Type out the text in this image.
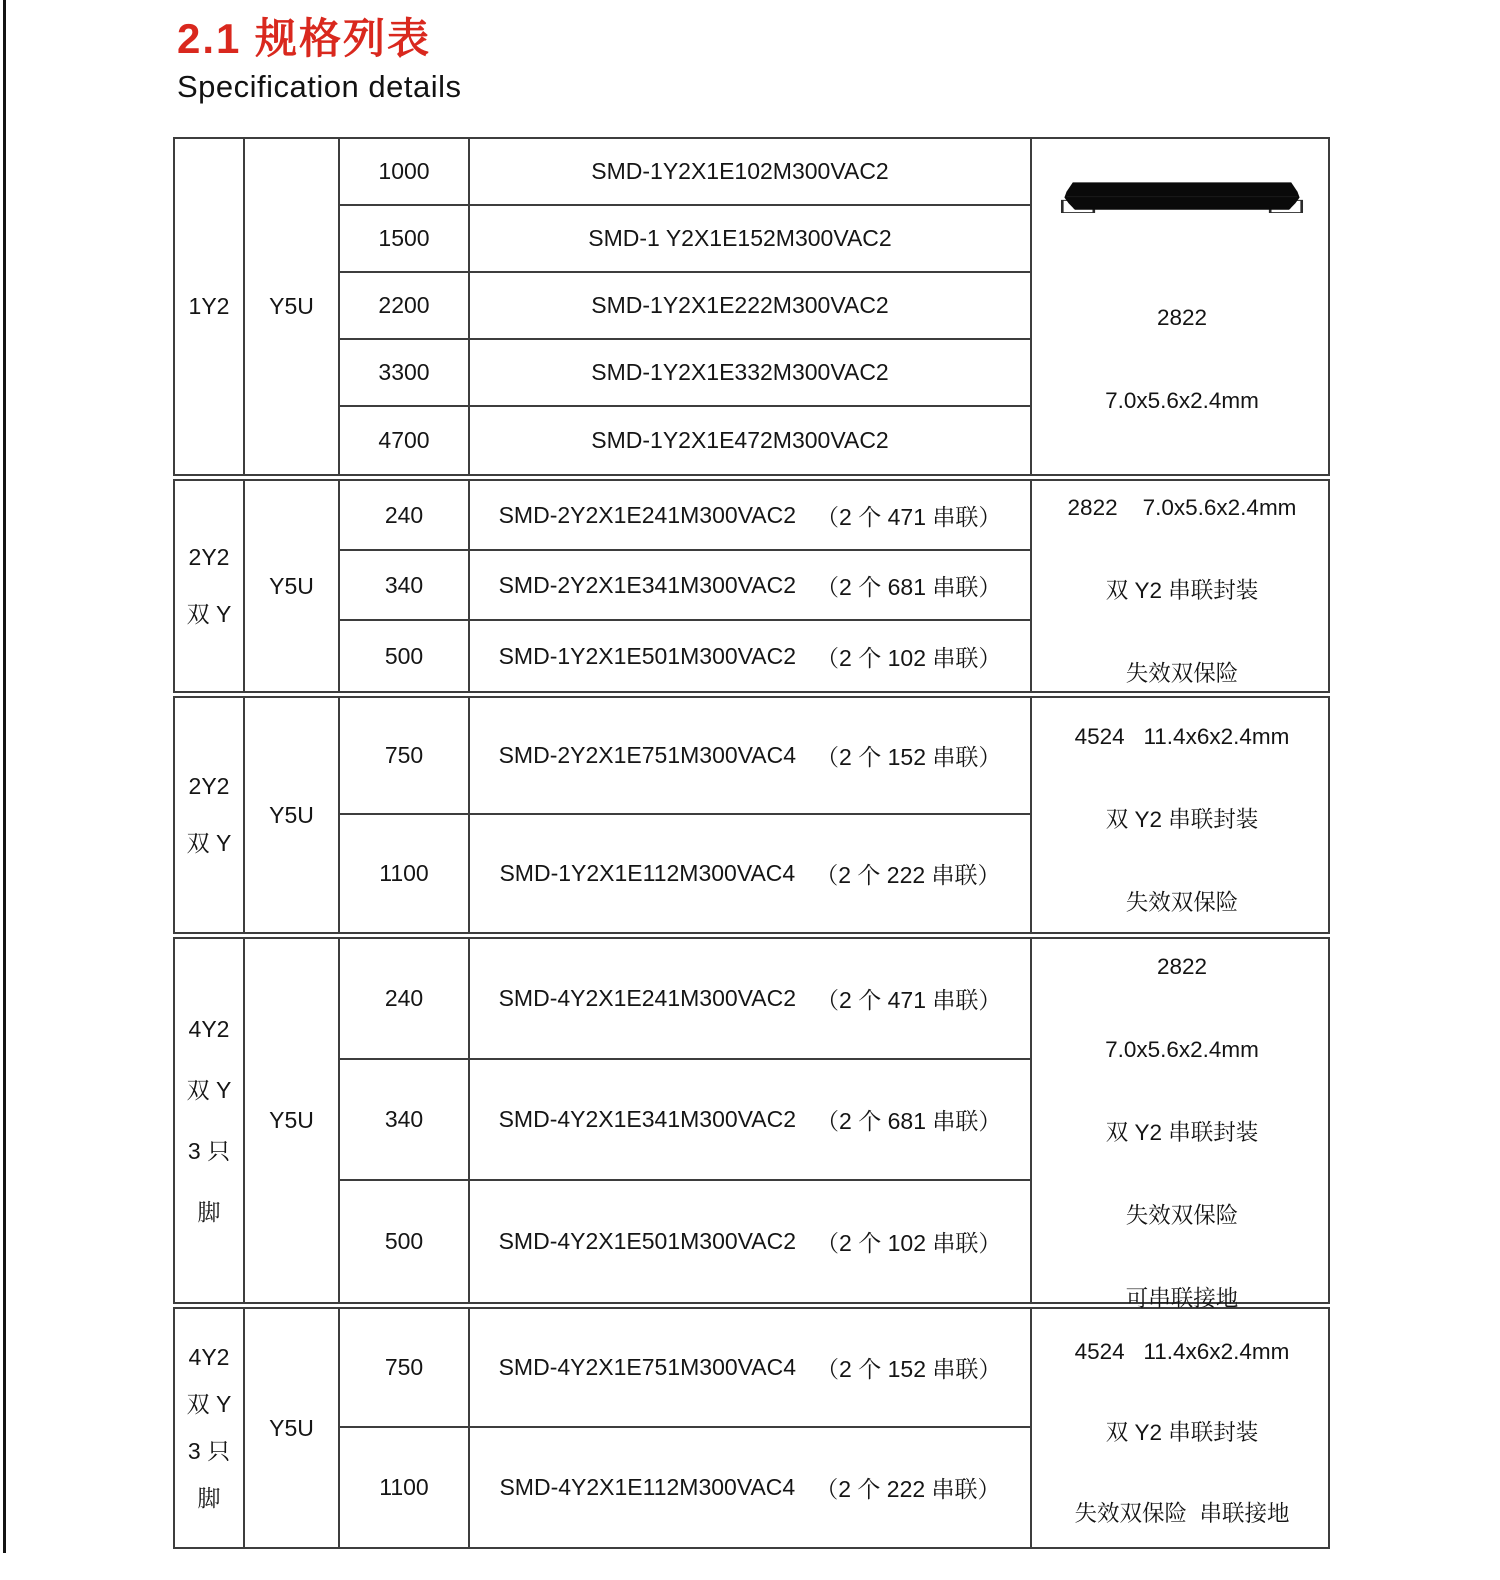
2.1 规格列表
Specification details
1Y2	Y5U
1000	SMD-1Y2X1E102M300VAC2
1500	SMD-1 Y2X1E152M300VAC2
2200	SMD-1Y2X1E222M300VAC2
3300	SMD-1Y2X1E332M300VAC2
4700	SMD-1Y2X1E472M300VAC2

2822

7.0x5.6x2.4mm

2Y2
双 Y
Y5U
240	SMD-2Y2X1E241M300VAC2 （2 个 471 串联）
340	SMD-2Y2X1E341M300VAC2 （2 个 681 串联）
500	SMD-1Y2X1E501M300VAC2 （2 个 102 串联）

2822    7.0x5.6x2.4mm

双 Y2 串联封装

失效双保险

2Y2
双 Y
Y5U
750	SMD-2Y2X1E751M300VAC4 （2 个 152 串联）
1100	SMD-1Y2X1E112M300VAC4 （2 个 222 串联）

4524   11.4x6x2.4mm

双 Y2 串联封装

失效双保险

4Y2
双 Y
3 只
脚
Y5U
240	SMD-4Y2X1E241M300VAC2 （2 个 471 串联）
340	SMD-4Y2X1E341M300VAC2 （2 个 681 串联）
500	SMD-4Y2X1E501M300VAC2 （2 个 102 串联）

2822

7.0x5.6x2.4mm

双 Y2 串联封装

失效双保险

可串联接地

4Y2
双 Y
3 只
脚
Y5U
750	SMD-4Y2X1E751M300VAC4 （2 个 152 串联）
1100	SMD-4Y2X1E112M300VAC4 （2 个 222 串联）

4524   11.4x6x2.4mm

双 Y2 串联封装

失效双保险  串联接地
